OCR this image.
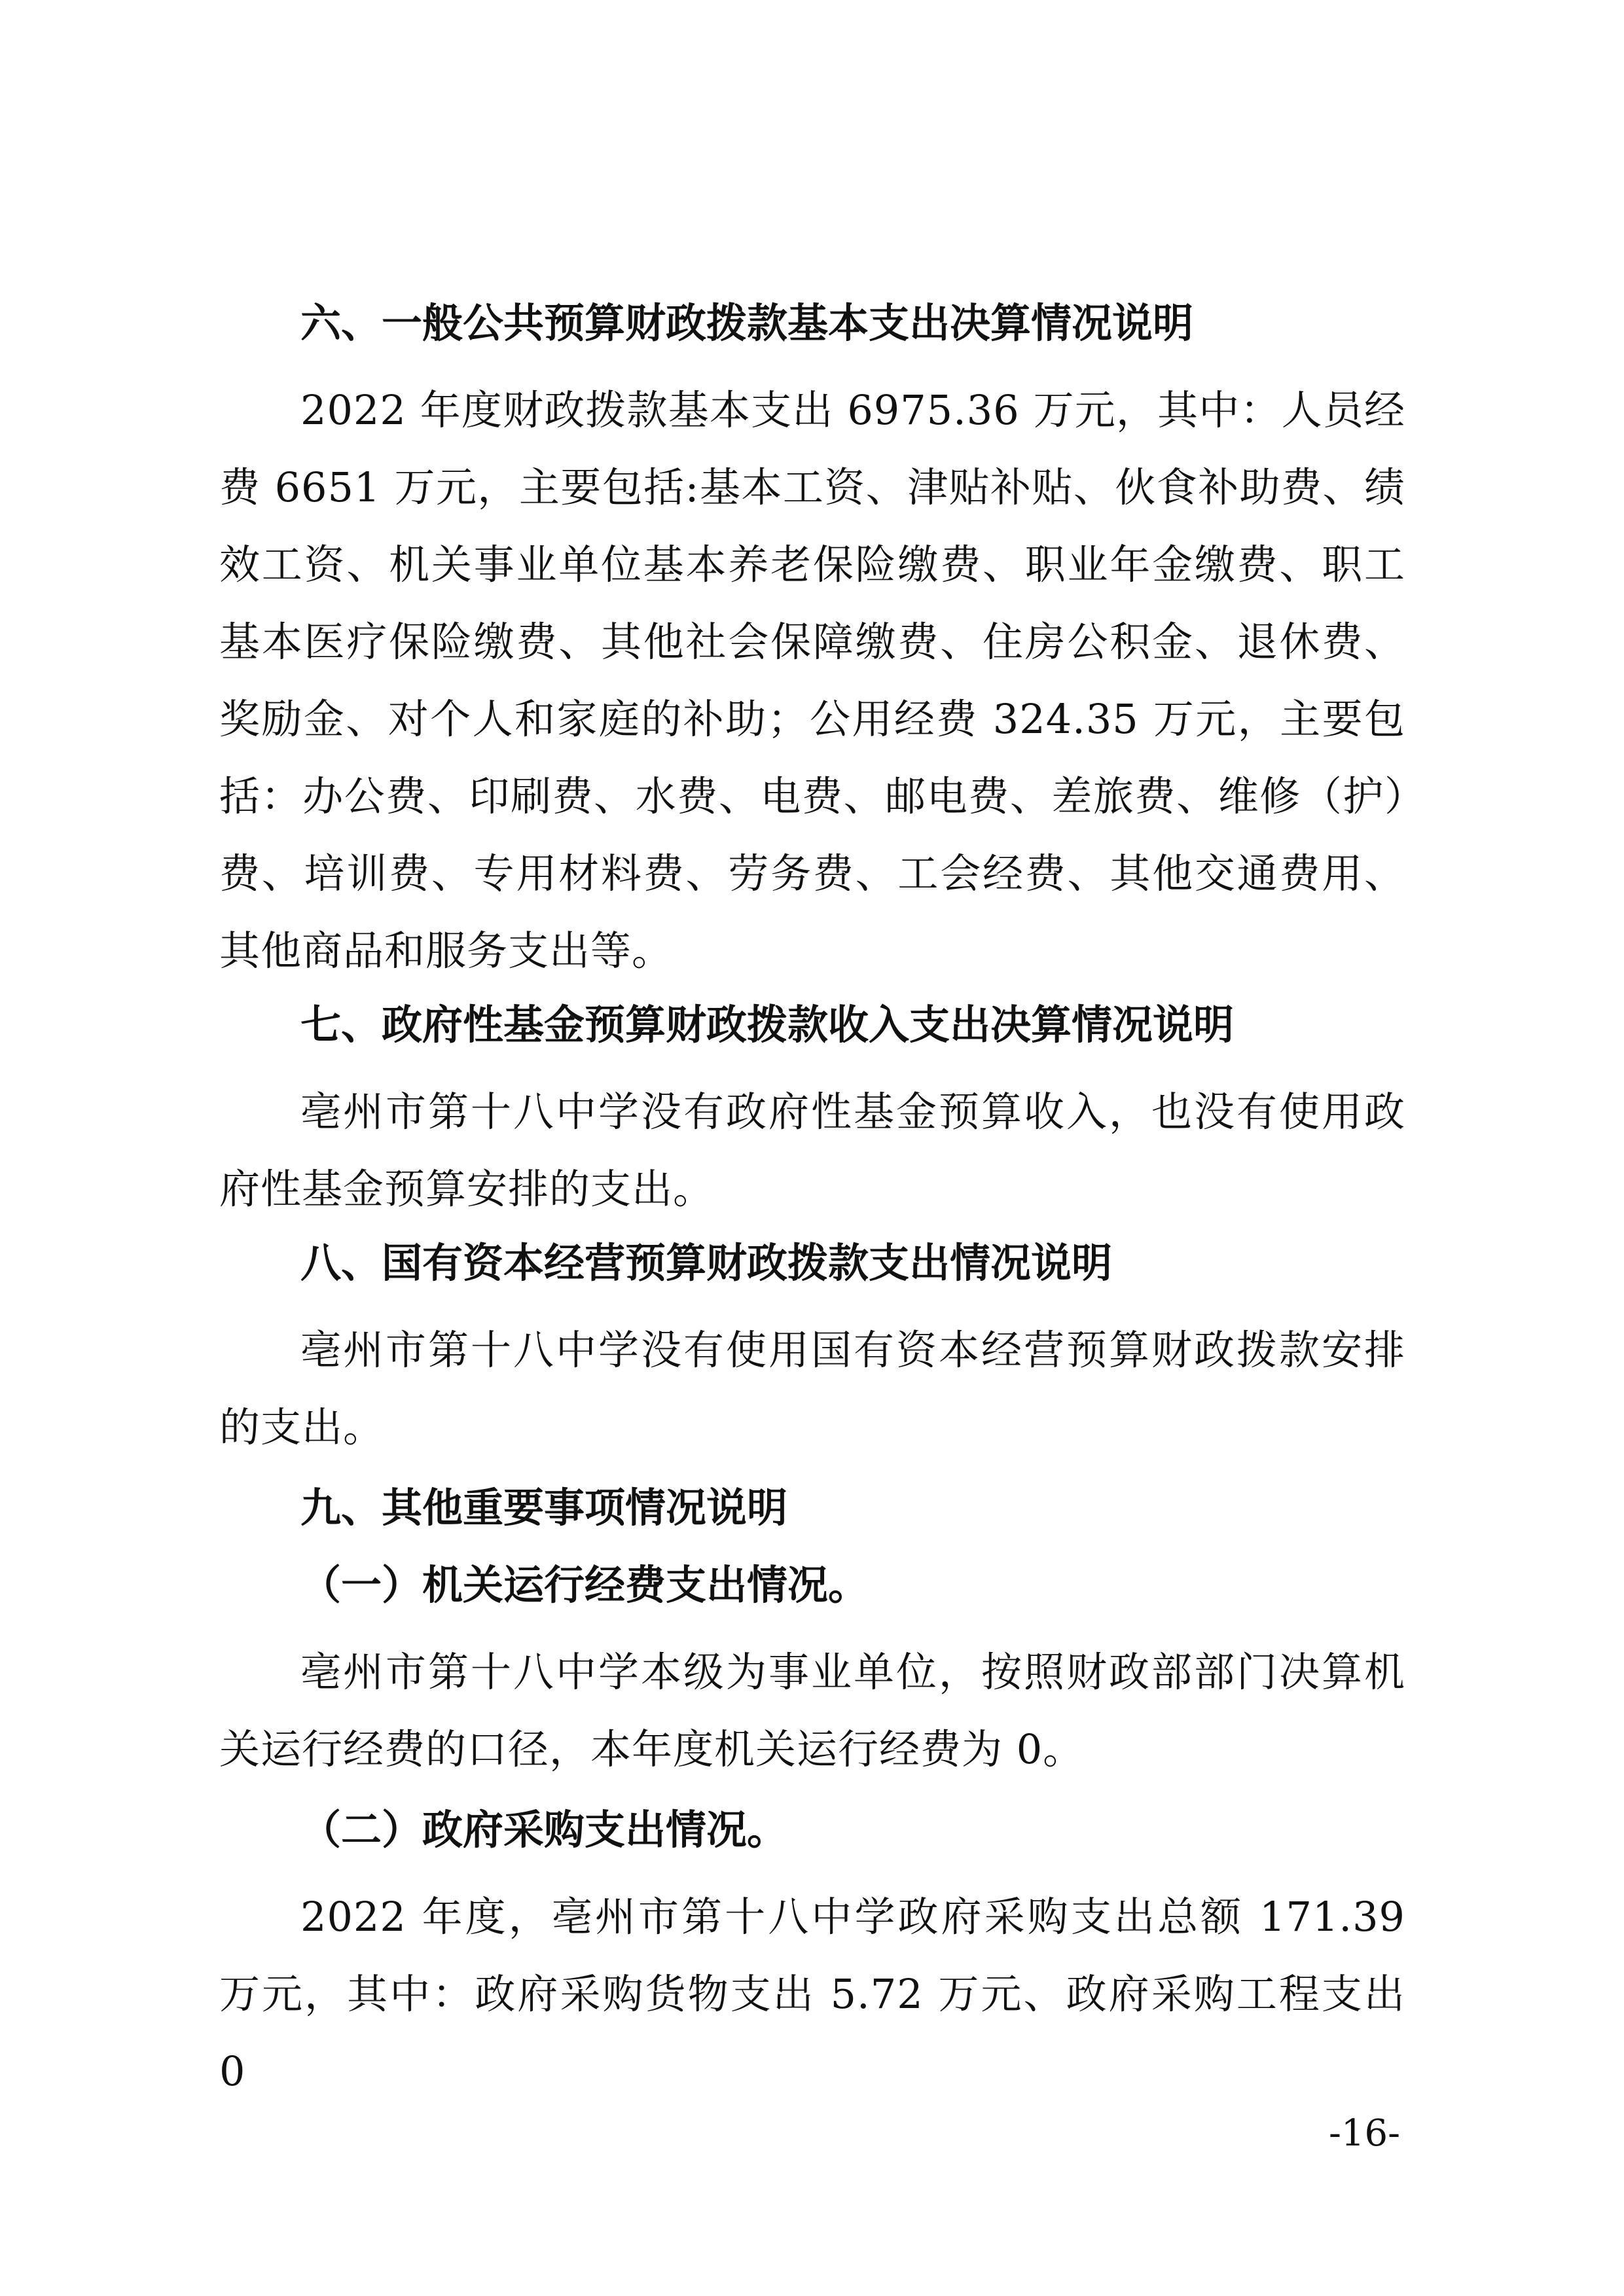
六、一般公共预算财政拨款基本支出决算情况说明

2022 年度财政拨款基本支出 6975.36 万元，其中：人员经费 6651 万元，主要包括:基本工资、津贴补贴、伙食补助费、绩效工资、机关事业单位基本养老保险缴费、职业年金缴费、职工基本医疗保险缴费、其他社会保障缴费、住房公积金、退休费、奖励金、对个人和家庭的补助；公用经费 324.35 万元，主要包括：办公费、印刷费、水费、电费、邮电费、差旅费、维修（护）费、培训费、专用材料费、劳务费、工会经费、其他交通费用、其他商品和服务支出等。

七、政府性基金预算财政拨款收入支出决算情况说明

亳州市第十八中学没有政府性基金预算收入，也没有使用政府性基金预算安排的支出。

八、国有资本经营预算财政拨款支出情况说明

亳州市第十八中学没有使用国有资本经营预算财政拨款安排的支出。

九、其他重要事项情况说明
（一）机关运行经费支出情况。

亳州市第十八中学本级为事业单位，按照财政部部门决算机关运行经费的口径，本年度机关运行经费为 0。

（二）政府采购支出情况。

2022 年度，亳州市第十八中学政府采购支出总额 171.39 万元，其中：政府采购货物支出 5.72 万元、政府采购工程支出 0

-16-
